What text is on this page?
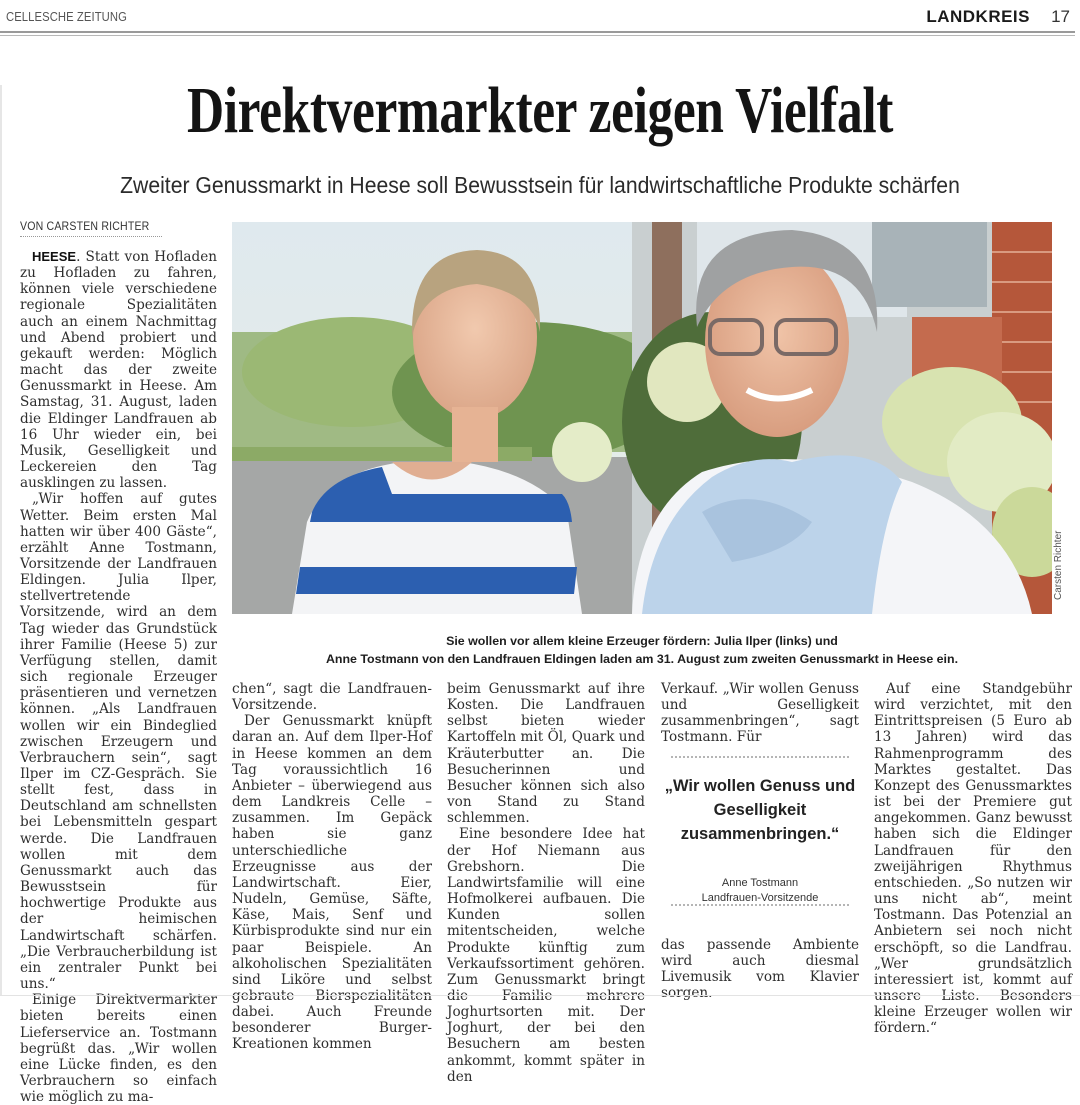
CELLESCHE ZEITUNG	LANDKREIS 17
Direktvermarkter zeigen Vielfalt
Zweiter Genussmarkt in Heese soll Bewusstsein für landwirtschaftliche Produkte schärfen
VON CARSTEN RICHTER
Carsten Richter
Sie wollen vor allem kleine Erzeuger fördern: Julia Ilper (links) und
Anne Tostmann von den Landfrauen Eldingen laden am 31. August zum zweiten Genussmarkt in Heese ein.

HEESE. Statt von Hofladen zu Hofladen zu fahren, können viele verschiedene regionale Spezialitäten auch an einem Nachmittag und Abend probiert und gekauft werden: Möglich macht das der zweite Genussmarkt in Heese. Am Samstag, 31. August, laden die Eldinger Landfrauen ab 16 Uhr wieder ein, bei Musik, Geselligkeit und Leckereien den Tag ausklingen zu lassen.

„Wir hoffen auf gutes Wetter. Beim ersten Mal hatten wir über 400 Gäste“, erzählt Anne Tostmann, Vorsitzende der Landfrauen Eldingen. Julia Ilper, stellvertretende Vorsitzende, wird an dem Tag wieder das Grundstück ihrer Familie (Heese 5) zur Verfügung stellen, damit sich regionale Erzeuger präsentieren und vernetzen können. „Als Landfrauen wollen wir ein Bindeglied zwischen Erzeugern und Verbrauchern sein“, sagt Ilper im CZ-Gespräch. Sie stellt fest, dass in Deutschland am schnellsten bei Lebensmitteln gespart werde. Die Landfrauen wollen mit dem Genussmarkt auch das Bewusstsein für hochwertige Produkte aus der heimischen Landwirtschaft schärfen. „Die Verbraucherbildung ist ein zentraler Punkt bei uns.“

Einige Direktvermarkter bieten bereits einen Lieferservice an. Tostmann begrüßt das. „Wir wollen eine Lücke finden, es den Verbrauchern so einfach wie möglich zu ma-

chen“, sagt die Landfrauen-Vorsitzende.

Der Genussmarkt knüpft daran an. Auf dem Ilper-Hof in Heese kommen an dem Tag voraussichtlich 16 Anbieter – überwiegend aus dem Landkreis Celle – zusammen. Im Gepäck haben sie ganz unterschiedliche Erzeugnisse aus der Landwirtschaft. Eier, Nudeln, Gemüse, Säfte, Käse, Mais, Senf und Kürbisprodukte sind nur ein paar Beispiele. An alkoholischen Spezialitäten sind Liköre und selbst gebraute Bierspezialitäten dabei. Auch Freunde besonderer Burger-Kreationen kommen

beim Genussmarkt auf ihre Kosten. Die Landfrauen selbst bieten wieder Kartoffeln mit Öl, Quark und Kräuterbutter an. Die Besucherinnen und Besucher können sich also von Stand zu Stand schlemmen.

Eine besondere Idee hat der Hof Niemann aus Grebshorn. Die Landwirtsfamilie will eine Hofmolkerei aufbauen. Die Kunden sollen mitentscheiden, welche Produkte künftig zum Verkaufssortiment gehören. Zum Genussmarkt bringt die Familie mehrere Joghurtsorten mit. Der Joghurt, der bei den Besuchern am besten ankommt, kommt später in den

Verkauf. „Wir wollen Genuss und Geselligkeit zusammenbringen“, sagt Tostmann. Für

„Wir wollen Genuss und Geselligkeit zusammenbringen.“
Anne Tostmann
Landfrauen-Vorsitzende

das passende Ambiente wird auch diesmal Livemusik vom Klavier sorgen.

Auf eine Standgebühr wird verzichtet, mit den Eintrittspreisen (5 Euro ab 13 Jahren) wird das Rahmenprogramm des Marktes gestaltet. Das Konzept des Genussmarktes ist bei der Premiere gut angekommen. Ganz bewusst haben sich die Eldinger Landfrauen für den zweijährigen Rhythmus entschieden. „So nutzen wir uns nicht ab“, meint Tostmann. Das Potenzial an Anbietern sei noch nicht erschöpft, so die Landfrau. „Wer grundsätzlich interessiert ist, kommt auf unsere Liste. Besonders kleine Erzeuger wollen wir fördern.“
